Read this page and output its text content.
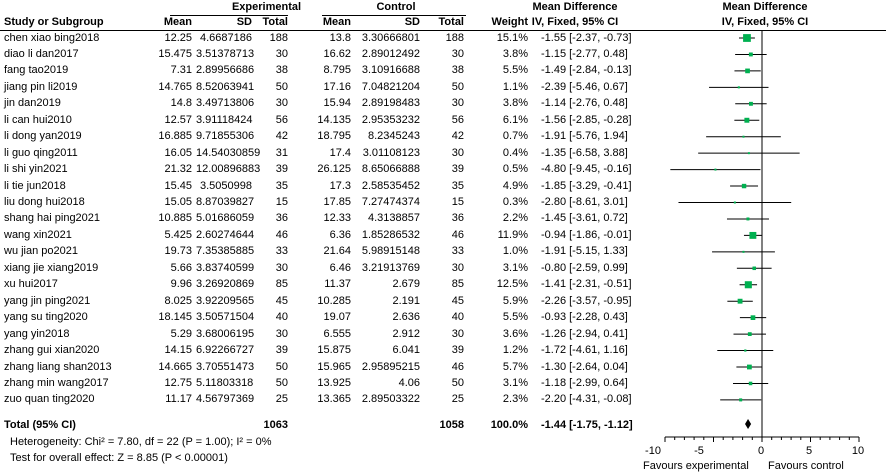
Experimental	Control	Mean Difference	Mean Difference
Study or Subgroup	Mean	SD Total	Mean	SD	Total	Weight IV, Fixed, 95% CI	IV, Fixed, 95% CI
chen xiao bing2018	12.25 4.6687186	188	13.8 3.30666801	188	15.1% -1.55 [-2.37, -0.73]
diao li dan2017	15.475 3.51378713	30	16.62 2.89012492	30	3.8% -1.15 [-2.77, 0.48]
fang tao2019	7.31 2.89956686	38	8.795 3.10916688	38	5.5% -1.49 [-2.84, -0.13]
jiang pin li2019	14.765 8.52063941	50	17.16 7.04821204	50	1.1% -2.39 [-5.46, 0.67]
jin dan2019	14.8 3.49713806	30	15.94 2.89198483	30	3.8% -1.14 [-2.76, 0.48]
li can hui2010	12.57 3.91118424	56	14.135 2.95353232	56	6.1% -1.56 [-2.85, -0.28]
li dong yan2019	16.885 9.71855306	42	18.795	8.2345243	42	0.7% -1.91 [-5.76, 1.94]
li guo qing2011	16.05 14.54030859	31	17.4	3.01108123	30	0.4% -1.35 [-6.58, 3.88]
li shi yin2021	21.32 12.00896883	39	26.125 8.65066888	39	0.5% -4.80 [-9.45, -0.16]
li tie jun2018	15.45 3.5050998	35	17.3 2.58535452	35	4.9% -1.85 [-3.29, -0.41]
liu dong hui2018	15.05 8.87039827	15	17.85 7.27474374	15	0.3% -2.80 [-8.61, 3.01]
shang hai ping2021	10.885 5.01686059	36	12.33	4.3138857	36	2.2% -1.45 [-3.61, 0.72]
wang xin2021	5.425 2.60274644	46	6.36 1.85286532	46	11.9% -0.94 [-1.86, -0.01]
wu jian po2021	19.73 7.35385885	33	21.64 5.98915148	33	1.0% -1.91 [-5.15, 1.33]
xiang jie xiang2019	5.66 3.83740599	30	6.46 3.21913769	30	3.1% -0.80 [-2.59, 0.99]
xu hui2017	9.96 3.26920869	85	11.37	2.679	85	12.5% -1.41 [-2.31, -0.51]
yang jin ping2021	8.025 3.92209565	45	10.285	2.191	45	5.9% -2.26 [-3.57, -0.95]
yang su ting2020	18.145 3.50571504	40	19.07	2.636	40	5.5% -0.93 [-2.28, 0.43]
yang yin2018	5.29 3.68006195	30	6.555	2.912	30	3.6% -1.26 [-2.94, 0.41]
zhang gui xian2020	14.15 6.92266727	39	15.875	6.041	39	1.2% -1.72 [-4.61, 1.16]
zhang liang shan2013	14.665 3.70551473	50	15.965 2.95895215	46	5.7% -1.30 [-2.64, 0.04]
zhang min wang2017	12.75 5.11803318	50	13.925	4.06	50	3.1% -1.18 [-2.99, 0.64]
zuo quan ting2020	11.17 4.56797369	25	13.365 2.89503322	25	2.3% -2.20 [-4.31, -0.08]
Total (95% CI)	1063	1058	100.0% -1.44 [-1.75, -1.12]
Heterogeneity: Chi² = 7.80, df = 22 (P = 1.00); I² = 0%
Test for overall effect: Z = 8.85 (P < 0.00001)
-10	-5	0	5	10
Favours experimental Favours control
